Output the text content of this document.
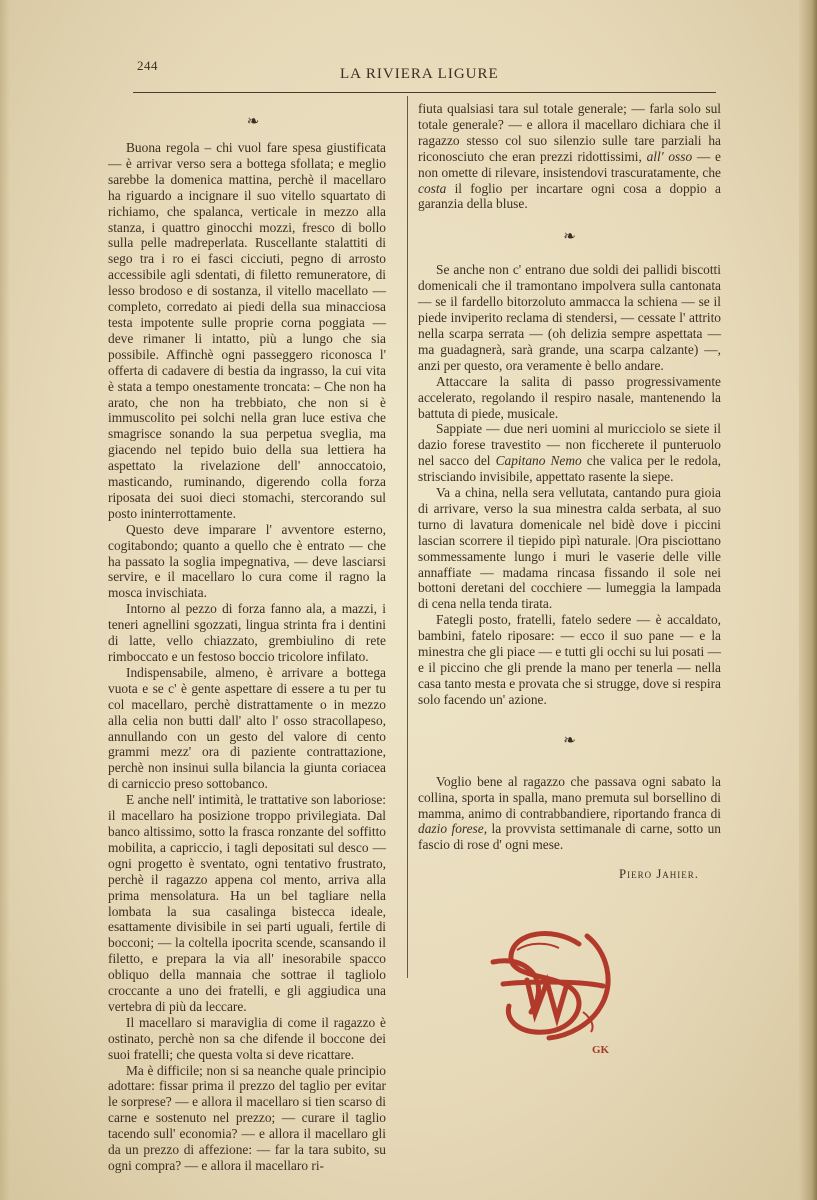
244
LA RIVIERA LIGURE
❧

Buona regola – chi vuol fare spesa giustificata — è arrivar verso sera a bottega sfollata; e meglio sarebbe la domenica mattina, perchè il macellaro ha riguardo a incignare il suo vitello squartato di richiamo, che spalanca, verticale in mezzo alla stanza, i quattro ginocchi mozzi, fresco di bollo sulla pelle madreperlata. Ruscellante stalattiti di sego tra i ro ei fasci cicciuti, pegno di arrosto accessibile agli sdentati, di filetto remuneratore, di lesso brodoso e di sostanza, il vitello macellato — completo, corredato ai piedi della sua minacciosa testa impotente sulle proprie corna poggiata — deve rimaner li intatto, più a lungo che sia possibile. Affinchè ogni passeggero riconosca l' offerta di cadavere di bestia da ingrasso, la cui vita è stata a tempo onestamente troncata: – Che non ha arato, che non ha trebbiato, che non si è immuscolito pei solchi nella gran luce estiva che smagrisce sonando la sua perpetua sveglia, ma giacendo nel tepido buio della sua lettiera ha aspettato la rivelazione dell' annoccatoio, masticando, ruminando, digerendo colla forza riposata dei suoi dieci stomachi, stercorando sul posto ininterrottamente.

Questo deve imparare l' avventore esterno, cogitabondo; quanto a quello che è entrato — che ha passato la soglia impegnativa, — deve lasciarsi servire, e il macellaro lo cura come il ragno la mosca invischiata.

Intorno al pezzo di forza fanno ala, a mazzi, i teneri agnellini sgozzati, lingua strinta fra i dentini di latte, vello chiazzato, grembiulino di rete rimboccato e un festoso boccio tricolore infilato.

Indispensabile, almeno, è arrivare a bottega vuota e se c' è gente aspettare di essere a tu per tu col macellaro, perchè distrattamente o in mezzo alla celia non butti dall' alto l' osso stracollapeso, annullando con un gesto del valore di cento grammi mezz' ora di paziente contrattazione, perchè non insinui sulla bilancia la giunta coriacea di carniccio preso sottobanco.

E anche nell' intimità, le trattative son laboriose: il macellaro ha posizione troppo privilegiata. Dal banco altissimo, sotto la frasca ronzante del soffitto mobilita, a capriccio, i tagli depositati sul desco — ogni progetto è sventato, ogni tentativo frustrato, perchè il ragazzo appena col mento, arriva alla prima mensolatura. Ha un bel tagliare nella lombata la sua casalinga bistecca ideale, esattamente divisibile in sei parti uguali, fertile di bocconi; — la coltella ipocrita scende, scansando il filetto, e prepara la via all' inesorabile spacco obliquo della mannaia che sottrae il tagliolo croccante a uno dei fratelli, e gli aggiudica una vertebra di più da leccare.

Il macellaro si maraviglia di come il ragazzo è ostinato, perchè non sa che difende il boccone dei suoi fratelli; che questa volta si deve ricattare.

Ma è difficile; non si sa neanche quale principio adottare: fissar prima il prezzo del taglio per evitar le sorprese? — e allora il macellaro si tien scarso di carne e sostenuto nel prezzo; — curare il taglio tacendo sull' economia? — e allora il macellaro gli da un prezzo di affezione: — far la tara subito, su ogni compra? — e allora il macellaro ri-

fiuta qualsiasi tara sul totale generale; — farla solo sul totale generale? — e allora il macellaro dichiara che il ragazzo stesso col suo silenzio sulle tare parziali ha riconosciuto che eran prezzi ridottissimi, all' osso — e non omette di rilevare, insistendovi trascuratamente, che costa il foglio per incartare ogni cosa a doppio a garanzia della bluse.

❧

Se anche non c' entrano due soldi dei pallidi biscotti domenicali che il tramontano impolvera sulla cantonata — se il fardello bitorzoluto ammacca la schiena — se il piede inviperito reclama di stendersi, — cessate l' attrito nella scarpa serrata — (oh delizia sempre aspettata — ma guadagnerà, sarà grande, una scarpa calzante) —, anzi per questo, ora veramente è bello andare.

Attaccare la salita di passo progressivamente accelerato, regolando il respiro nasale, mantenendo la battuta di piede, musicale.

Sappiate — due neri uomini al muricciolo se siete il dazio forese travestito — non ficcherete il punteruolo nel sacco del Capitano Nemo che valica per le redola, strisciando invisibile, appettato rasente la siepe.

Va a china, nella sera vellutata, cantando pura gioia di arrivare, verso la sua minestra calda serbata, al suo turno di lavatura domenicale nel bidè dove i piccini lascian scorrere il tiepido pipì naturale. |Ora pisciottano sommessamente lungo i muri le vaserie delle ville annaffiate — madama rincasa fissando il sole nei bottoni deretani del cocchiere — lumeggia la lampada di cena nella tenda tirata.

Fategli posto, fratelli, fatelo sedere — è accaldato, bambini, fatelo riposare: — ecco il suo pane — e la minestra che gli piace — e tutti gli occhi su lui posati — e il piccino che gli prende la mano per tenerla — nella casa tanto mesta e provata che si strugge, dove si respira solo facendo un' azione.

❧

Voglio bene al ragazzo che passava ogni sabato la collina, sporta in spalla, mano premuta sul borsellino di mamma, animo di contrabbandiere, riportando franca di dazio forese, la provvista settimanale di carne, sotto un fascio di rose d' ogni mese.

Piero Jahier.
GK
